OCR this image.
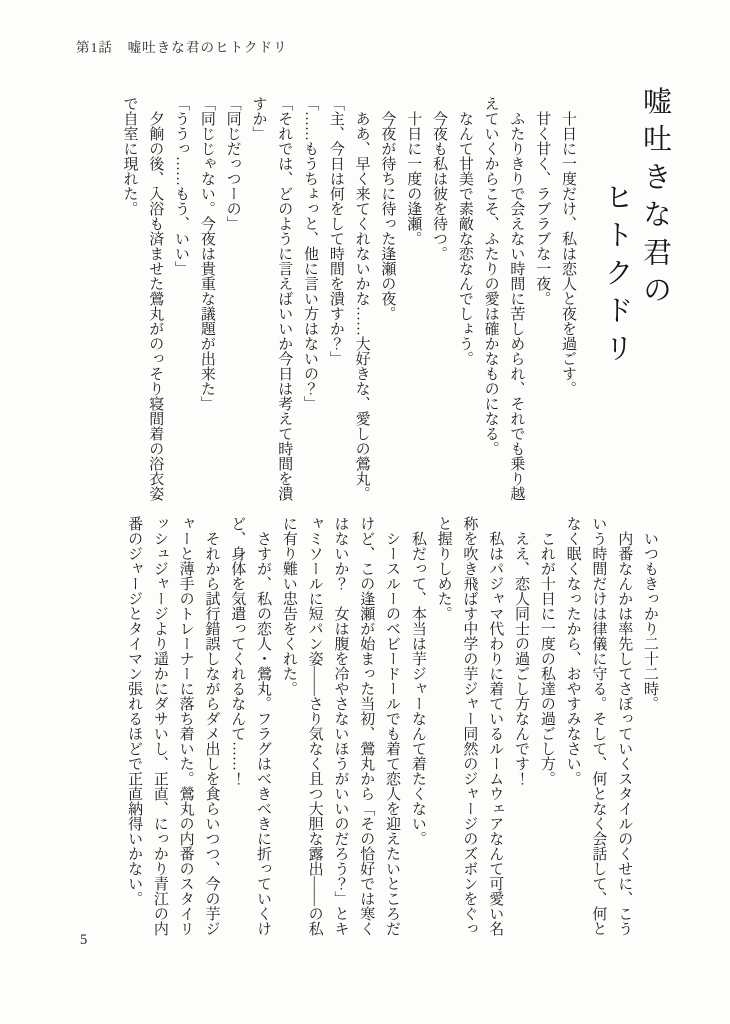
第1話　嘘吐きな君のヒトクドリ
嘘吐きな君の
ヒトクドリ

十日に一度だけ、私は恋人と夜を過ごす。

甘く甘く、ラブラブな一夜。

ふたりきりで会えない時間に苦しめられ、それでも乗り越えていくからこそ、ふたりの愛は確かなものになる。

なんて甘美で素敵な恋なんでしょう。

今夜も私は彼を待つ。

十日に一度の逢瀬。

今夜が待ちに待った逢瀬の夜。

ああ、早く来てくれないかな……大好きな、愛しの鶯丸。

「主、今日は何をして時間を潰すか？」

「……もうちょっと、他に言い方はないの？」

「それでは、どのように言えばいいか今日は考えて時間を潰すか」

「同じだっつーの」

「同じじゃない。今夜は貴重な議題が出来た」

「ううっ……もう、いい」

夕餉の後、入浴も済ませた鶯丸がのっそり寝間着の浴衣姿で自室に現れた。

いつもきっかり二十二時。

内番なんかは率先してさぼっていくスタイルのくせに、こういう時間だけは律儀に守る。そして、何となく会話して、何となく眠くなったから、おやすみなさい。

これが十日に一度の私達の過ごし方。

ええ、恋人同士の過ごし方なんです！

私はパジャマ代わりに着ているルームウェアなんて可愛い名称を吹き飛ばす中学の芋ジャー同然のジャージのズボンをぐっと握りしめた。

私だって、本当は芋ジャーなんて着たくない。

シースルーのベビードールでも着て恋人を迎えたいところだけど、この逢瀬が始まった当初、鶯丸から「その恰好では寒くはないか？　女は腹を冷やさないほうがいいのだろう？」とキャミソールに短パン姿——さり気なく且つ大胆な露出——の私に有り難い忠告をくれた。

さすが、私の恋人・鶯丸。フラグはべきべきに折っていくけど、身体を気遣ってくれるなんて……！

それから試行錯誤しながらダメ出しを食らいつつ、今の芋ジャーと薄手のトレーナーに落ち着いた。鶯丸の内番のスタイリッシュジャージより遥かにダサいし、正直、にっかり青江の内番のジャージとタイマン張れるほどで正直納得いかない。

5
